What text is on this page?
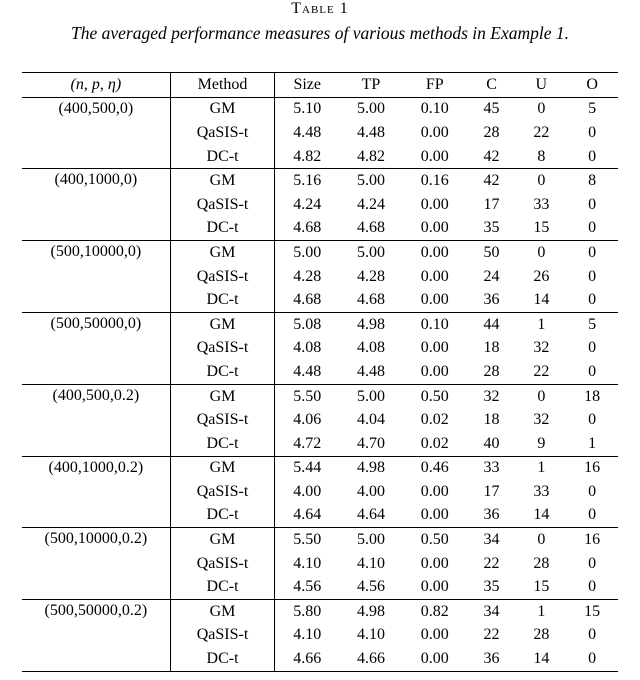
Table 1
The averaged performance measures of various methods in Example 1.
(n, p, η)	Method	Size	TP	FP	C	U	O
(400,500,0)	GM	5.10	5.00	0.10	45	0	5
	QaSIS-t	4.48	4.48	0.00	28	22	0
	DC-t	4.82	4.82	0.00	42	8	0
(400,1000,0)	GM	5.16	5.00	0.16	42	0	8
	QaSIS-t	4.24	4.24	0.00	17	33	0
	DC-t	4.68	4.68	0.00	35	15	0
(500,10000,0)	GM	5.00	5.00	0.00	50	0	0
	QaSIS-t	4.28	4.28	0.00	24	26	0
	DC-t	4.68	4.68	0.00	36	14	0
(500,50000,0)	GM	5.08	4.98	0.10	44	1	5
	QaSIS-t	4.08	4.08	0.00	18	32	0
	DC-t	4.48	4.48	0.00	28	22	0
(400,500,0.2)	GM	5.50	5.00	0.50	32	0	18
	QaSIS-t	4.06	4.04	0.02	18	32	0
	DC-t	4.72	4.70	0.02	40	9	1
(400,1000,0.2)	GM	5.44	4.98	0.46	33	1	16
	QaSIS-t	4.00	4.00	0.00	17	33	0
	DC-t	4.64	4.64	0.00	36	14	0
(500,10000,0.2)	GM	5.50	5.00	0.50	34	0	16
	QaSIS-t	4.10	4.10	0.00	22	28	0
	DC-t	4.56	4.56	0.00	35	15	0
(500,50000,0.2)	GM	5.80	4.98	0.82	34	1	15
	QaSIS-t	4.10	4.10	0.00	22	28	0
	DC-t	4.66	4.66	0.00	36	14	0
